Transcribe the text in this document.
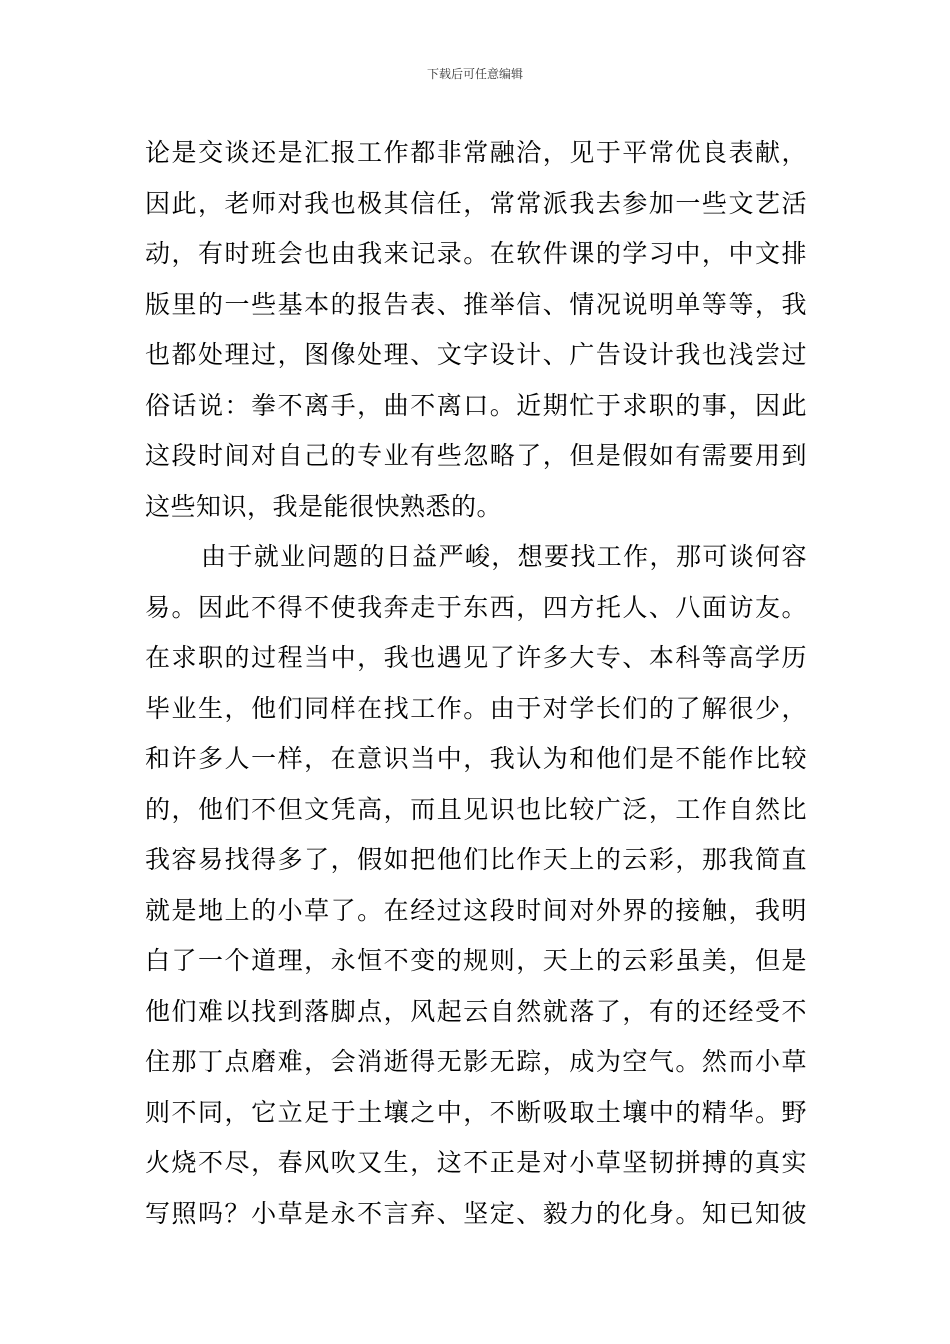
下载后可任意编辑
论是交谈还是汇报工作都非常融洽，见于平常优良表献，
因此，老师对我也极其信任，常常派我去参加一些文艺活
动，有时班会也由我来记录。在软件课的学习中，中文排
版里的一些基本的报告表、推举信、情况说明单等等，我
也都处理过，图像处理、文字设计、广告设计我也浅尝过
俗话说：拳不离手，曲不离口。近期忙于求职的事，因此
这段时间对自己的专业有些忽略了，但是假如有需要用到
这些知识，我是能很快熟悉的。
由于就业问题的日益严峻，想要找工作，那可谈何容
易。因此不得不使我奔走于东西，四方托人、八面访友。
在求职的过程当中，我也遇见了许多大专、本科等高学历
毕业生，他们同样在找工作。由于对学长们的了解很少，
和许多人一样，在意识当中，我认为和他们是不能作比较
的，他们不但文凭高，而且见识也比较广泛，工作自然比
我容易找得多了，假如把他们比作天上的云彩，那我简直
就是地上的小草了。在经过这段时间对外界的接触，我明
白了一个道理，永恒不变的规则，天上的云彩虽美，但是
他们难以找到落脚点，风起云自然就落了，有的还经受不
住那丁点磨难，会消逝得无影无踪，成为空气。然而小草
则不同，它立足于土壤之中，不断吸取土壤中的精华。野
火烧不尽，春风吹又生，这不正是对小草坚韧拼搏的真实
写照吗？小草是永不言弃、坚定、毅力的化身。知已知彼
